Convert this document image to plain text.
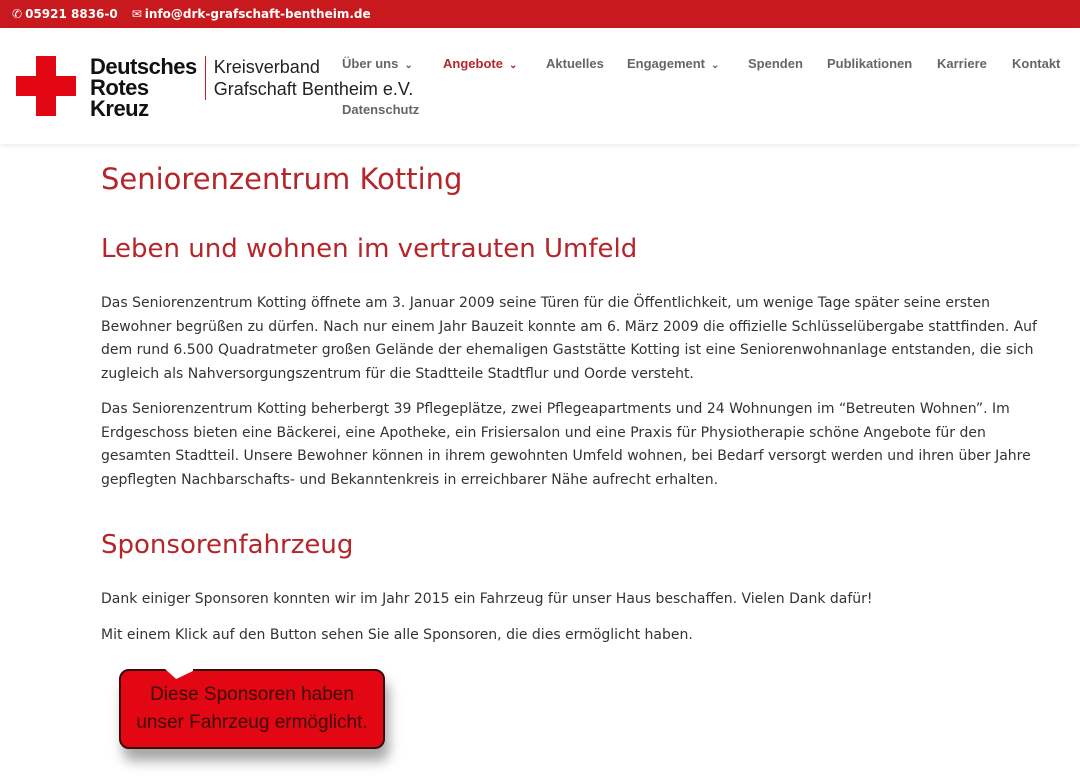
✆ 05921 8836-0 ✉ info@drk-grafschaft-bentheim.de
Deutsches
Rotes
Kreuz
Kreisverband
Grafschaft Bentheim e.V.
Über uns ⌄ Angebote ⌄ Aktuelles Engagement ⌄ Spenden Publikationen Karriere Kontakt
Datenschutz
Seniorenzentrum Kotting
Leben und wohnen im vertrauten Umfeld

Das Seniorenzentrum Kotting öffnete am 3. Januar 2009 seine Türen für die Öffentlichkeit, um wenige Tage später seine ersten Bewohner begrüßen zu dürfen. Nach nur einem Jahr Bauzeit konnte am 6. März 2009 die offizielle Schlüsselübergabe stattfinden. Auf dem rund 6.500 Quadratmeter großen Gelände der ehemaligen Gaststätte Kotting ist eine Seniorenwohnanlage entstanden, die sich zugleich als Nahversorgungszentrum für die Stadtteile Stadtflur und Oorde versteht.

Das Seniorenzentrum Kotting beherbergt 39 Pflegeplätze, zwei Pflegeapartments und 24 Wohnungen im “Betreuten Wohnen”. Im Erdgeschoss bieten eine Bäckerei, eine Apotheke, ein Frisiersalon und eine Praxis für Physiotherapie schöne Angebote für den gesamten Stadtteil. Unsere Bewohner können in ihrem gewohnten Umfeld wohnen, bei Bedarf versorgt werden und ihren über Jahre gepflegten Nachbarschafts- und Bekanntenkreis in erreichbarer Nähe aufrecht erhalten.

Sponsorenfahrzeug

Dank einiger Sponsoren konnten wir im Jahr 2015 ein Fahrzeug für unser Haus beschaffen. Vielen Dank dafür!

Mit einem Klick auf den Button sehen Sie alle Sponsoren, die dies ermöglicht haben.

Diese Sponsoren haben
unser Fahrzeug ermöglicht.
